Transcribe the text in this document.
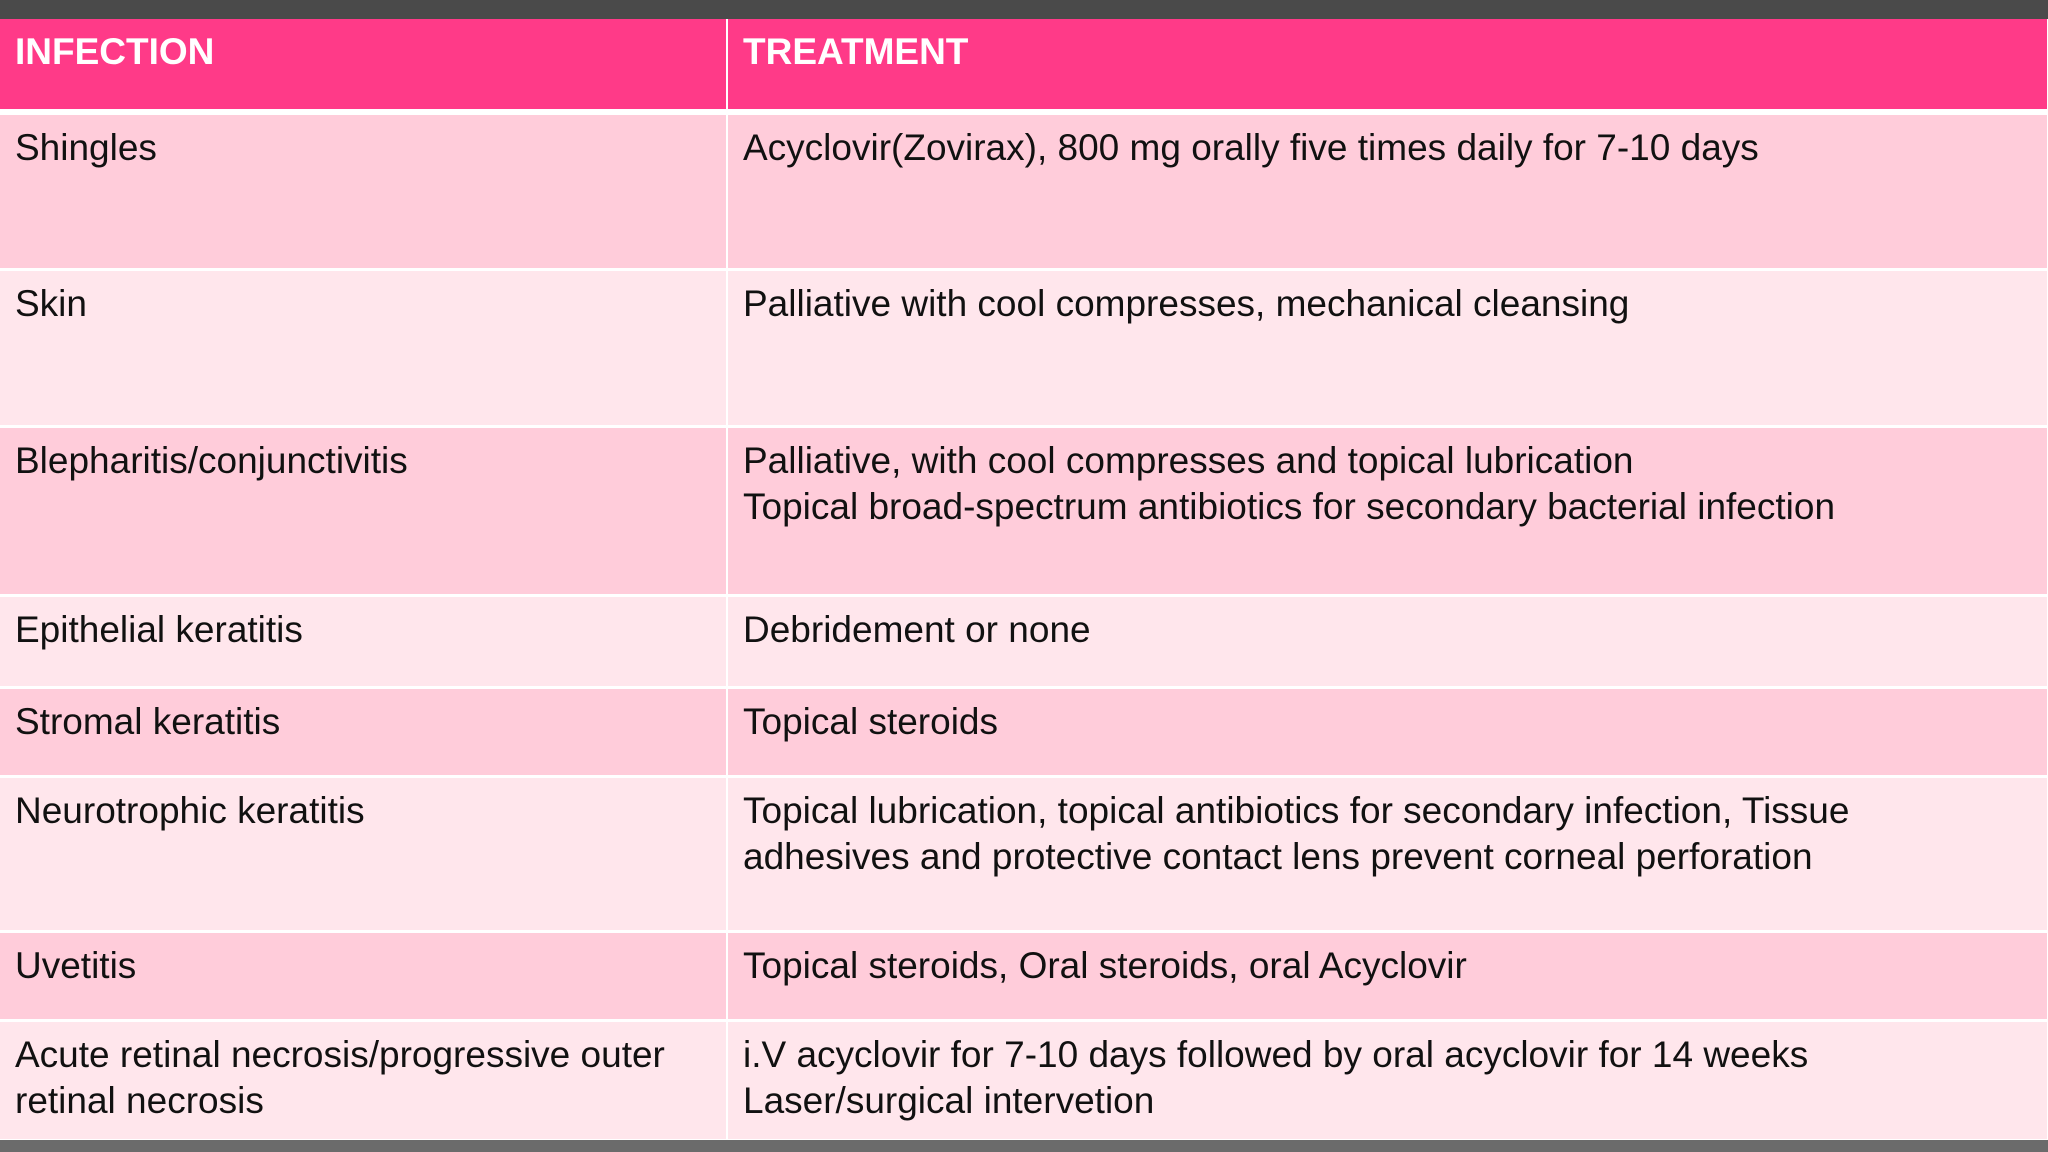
INFECTION	TREATMENT

Shingles	Acyclovir(Zovirax), 800 mg orally five times daily for 7-10 days

Skin	Palliative with cool compresses, mechanical cleansing

Blepharitis/conjunctivitis	Palliative, with cool compresses and topical lubrication
Topical broad-spectrum antibiotics for secondary bacterial infection

Epithelial keratitis	Debridement or none

Stromal keratitis	Topical steroids

Neurotrophic keratitis	Topical lubrication, topical antibiotics for secondary infection, Tissue
adhesives and protective contact lens prevent corneal perforation

Uvetitis	Topical steroids, Oral steroids, oral Acyclovir

Acute retinal necrosis/progressive outer
retinal necrosis	i.V acyclovir for 7-10 days followed by oral acyclovir for 14 weeks
Laser/surgical intervetion
